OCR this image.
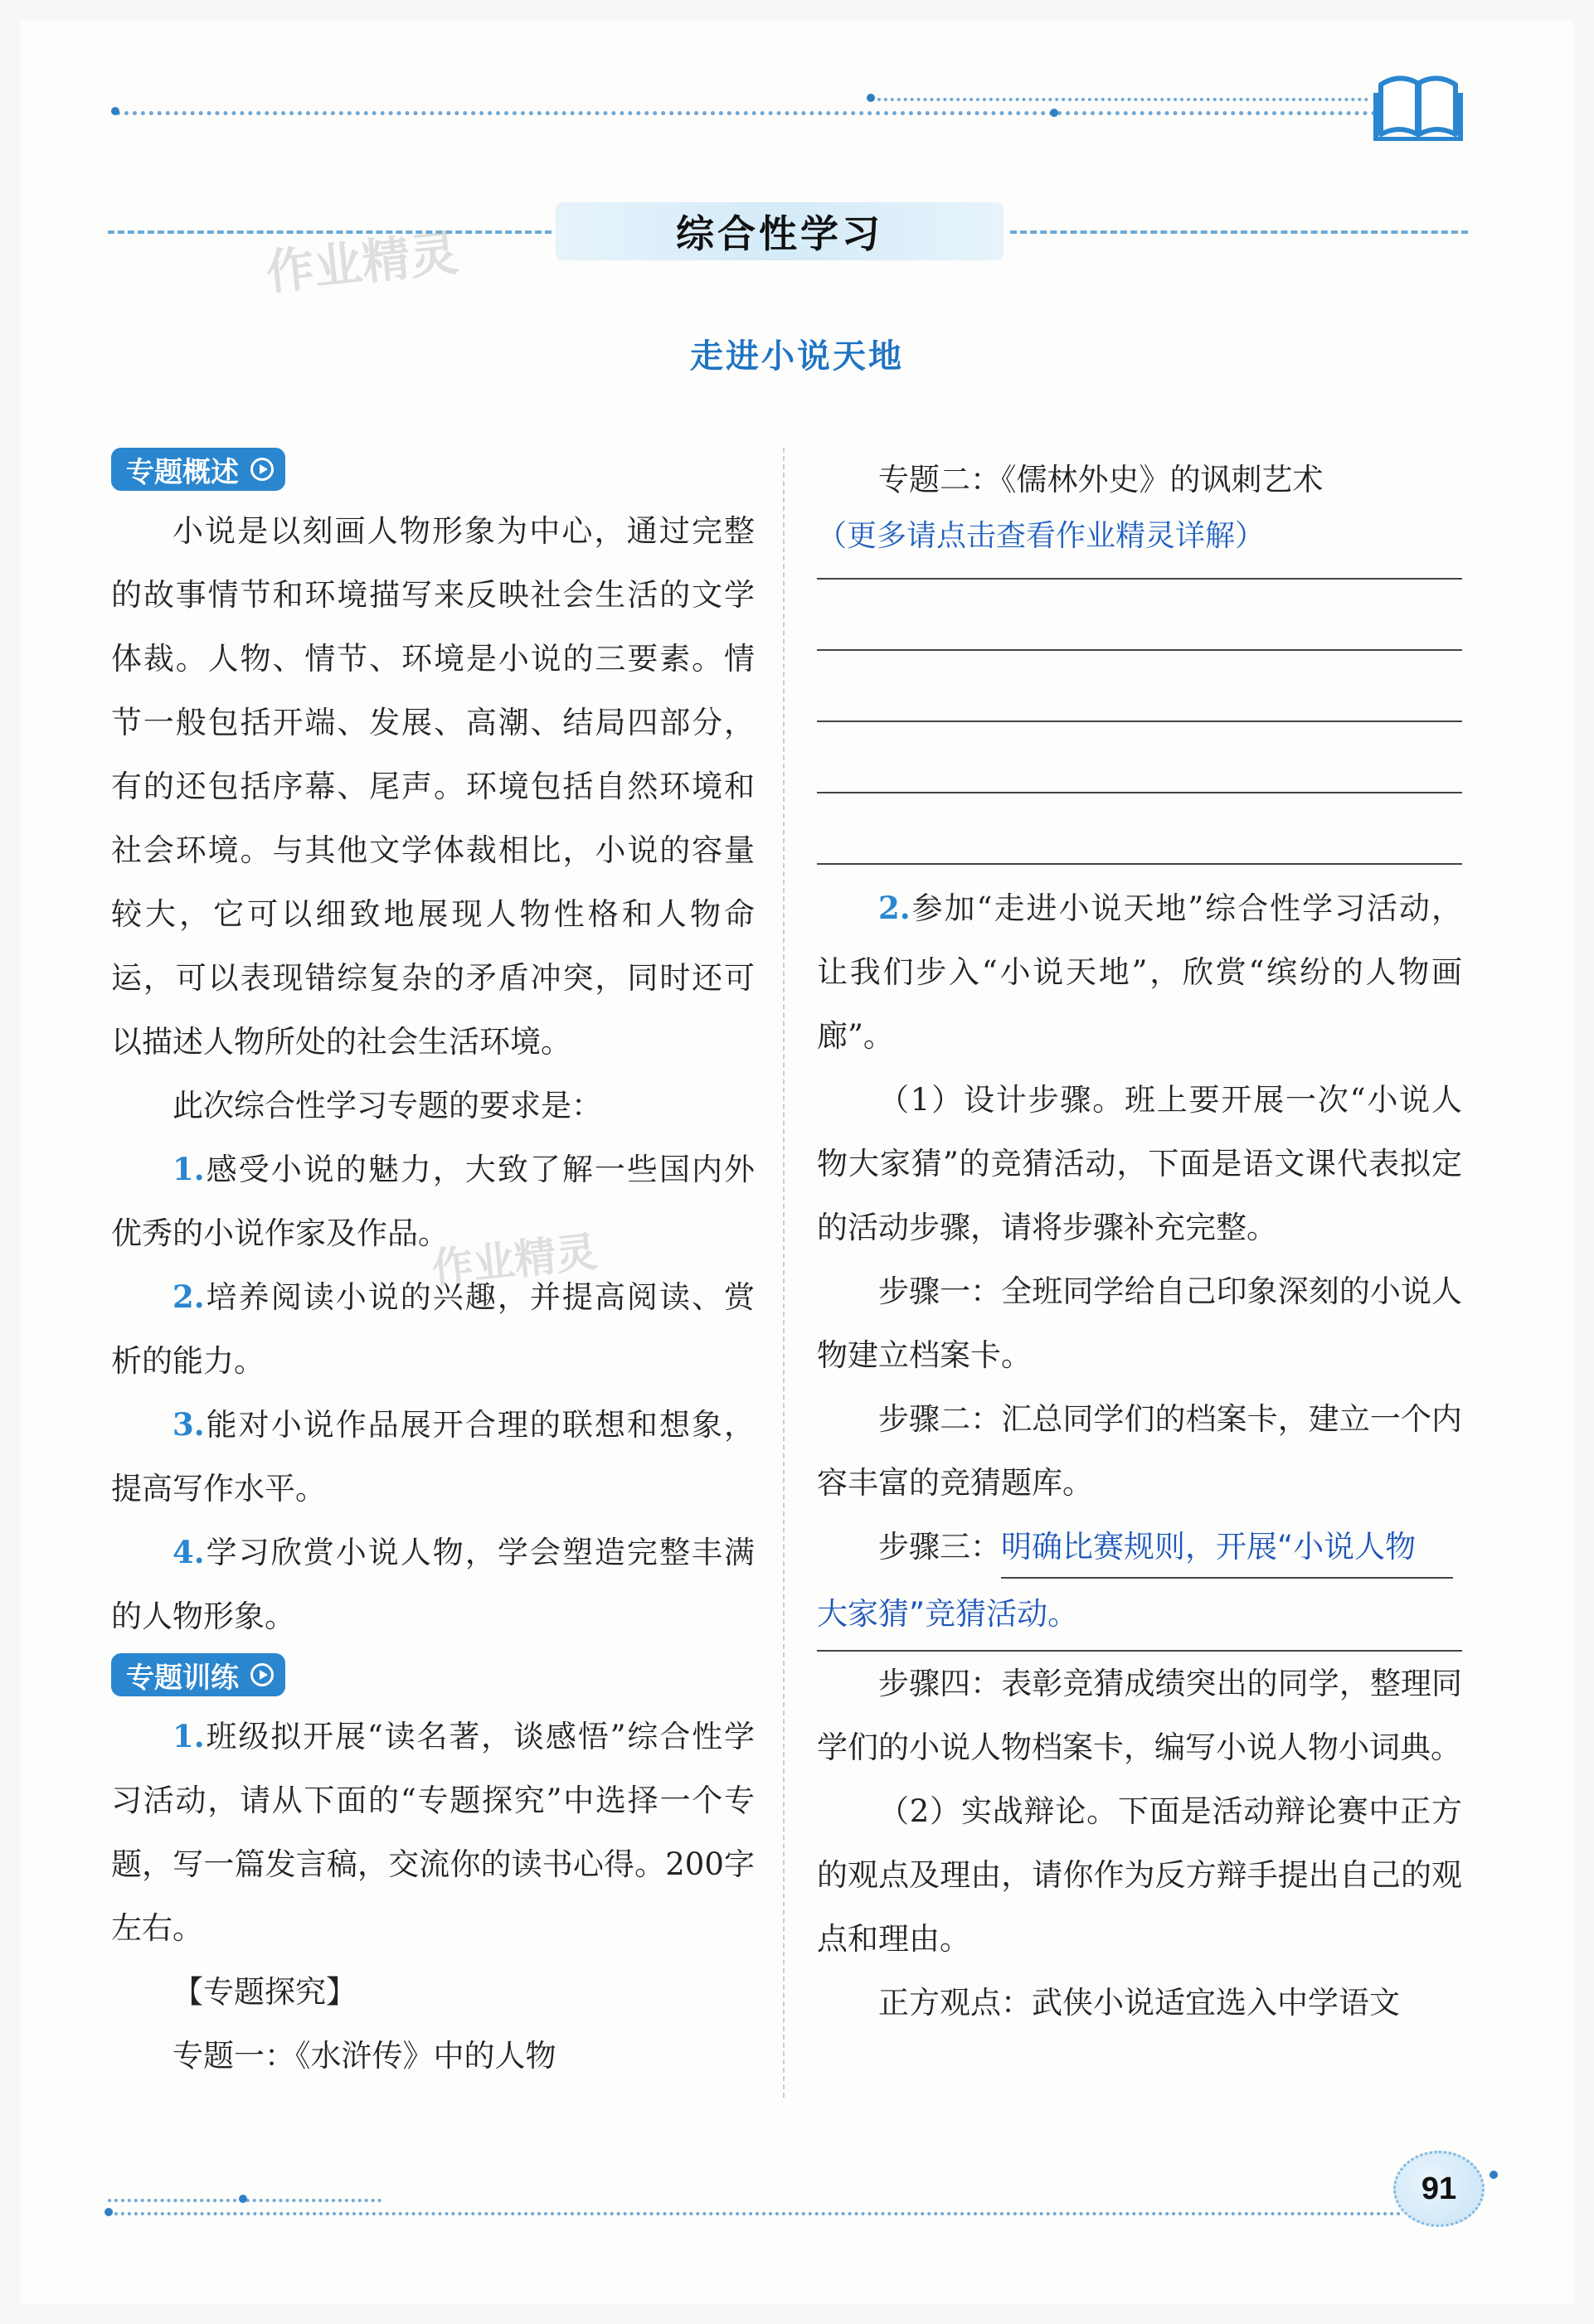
综合性学习
作业精灵
走进小说天地
专题概述

小说是以刻画人物形象为中心，通过完整的故事情节和环境描写来反映社会生活的文学体裁。人物、情节、环境是小说的三要素。情节一般包括开端、发展、高潮、结局四部分，有的还包括序幕、尾声。环境包括自然环境和社会环境。与其他文学体裁相比，小说的容量较大，它可以细致地展现人物性格和人物命运，可以表现错综复杂的矛盾冲突，同时还可以描述人物所处的社会生活环境。

此次综合性学习专题的要求是：

1.感受小说的魅力，大致了解一些国内外优秀的小说作家及作品。

2.培养阅读小说的兴趣，并提高阅读、赏析的能力。

3.能对小说作品展开合理的联想和想象，提高写作水平。

4.学习欣赏小说人物，学会塑造完整丰满的人物形象。

专题训练

1.班级拟开展“读名著，谈感悟”综合性学习活动，请从下面的“专题探究”中选择一个专题，写一篇发言稿，交流你的读书心得。200字左右。

【专题探究】

专题一：《水浒传》中的人物

作业精灵

专题二：《儒林外史》的讽刺艺术

（更多请点击查看作业精灵详解）

2.参加“走进小说天地”综合性学习活动，让我们步入“小说天地”，欣赏“缤纷的人物画廊”。

（1）设计步骤。班上要开展一次“小说人物大家猜”的竞猜活动，下面是语文课代表拟定的活动步骤，请将步骤补充完整。

步骤一：全班同学给自己印象深刻的小说人物建立档案卡。

步骤二：汇总同学们的档案卡，建立一个内容丰富的竞猜题库。

步骤三：明确比赛规则，开展“小说人物

大家猜”竞猜活动。

步骤四：表彰竞猜成绩突出的同学，整理同学们的小说人物档案卡，编写小说人物小词典。

（2）实战辩论。下面是活动辩论赛中正方的观点及理由，请你作为反方辩手提出自己的观点和理由。

正方观点：武侠小说适宜选入中学语文

91
